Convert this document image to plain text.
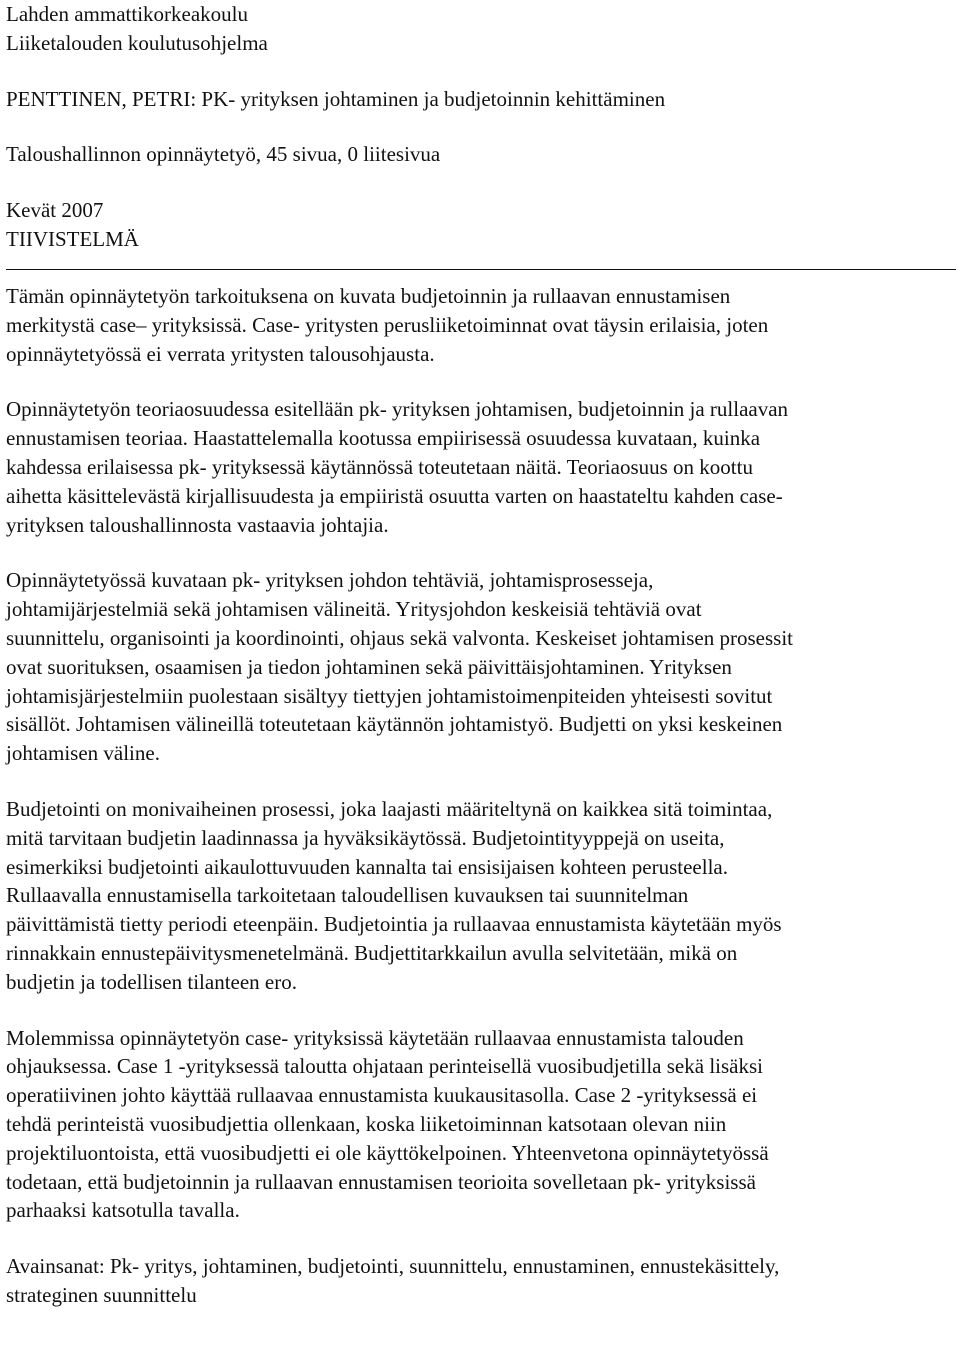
Lahden ammattikorkeakoulu
Liiketalouden koulutusohjelma
PENTTINEN, PETRI: PK- yrityksen johtaminen ja budjetoinnin kehittäminen
Taloushallinnon opinnäytetyö, 45 sivua, 0 liitesivua
Kevät 2007
TIIVISTELMÄ
Tämän opinnäytetyön tarkoituksena on kuvata budjetoinnin ja rullaavan ennustamisen
merkitystä case– yrityksissä. Case- yritysten perusliiketoiminnat ovat täysin erilaisia, joten
opinnäytetyössä ei verrata yritysten talousohjausta.
Opinnäytetyön teoriaosuudessa esitellään pk- yrityksen johtamisen, budjetoinnin ja rullaavan
ennustamisen teoriaa. Haastattelemalla kootussa empiirisessä osuudessa kuvataan, kuinka
kahdessa erilaisessa pk- yrityksessä käytännössä toteutetaan näitä. Teoriaosuus on koottu
aihetta käsittelevästä kirjallisuudesta ja empiiristä osuutta varten on haastateltu kahden case-
yrityksen taloushallinnosta vastaavia johtajia.
Opinnäytetyössä kuvataan pk- yrityksen johdon tehtäviä, johtamisprosesseja,
johtamijärjestelmiä sekä johtamisen välineitä. Yritysjohdon keskeisiä tehtäviä ovat
suunnittelu, organisointi ja koordinointi, ohjaus sekä valvonta. Keskeiset johtamisen prosessit
ovat suorituksen, osaamisen ja tiedon johtaminen sekä päivittäisjohtaminen. Yrityksen
johtamisjärjestelmiin puolestaan sisältyy tiettyjen johtamistoimenpiteiden yhteisesti sovitut
sisällöt. Johtamisen välineillä toteutetaan käytännön johtamistyö. Budjetti on yksi keskeinen
johtamisen väline.
Budjetointi on monivaiheinen prosessi, joka laajasti määriteltynä on kaikkea sitä toimintaa,
mitä tarvitaan budjetin laadinnassa ja hyväksikäytössä. Budjetointityyppejä on useita,
esimerkiksi budjetointi aikaulottuvuuden kannalta tai ensisijaisen kohteen perusteella.
Rullaavalla ennustamisella tarkoitetaan taloudellisen kuvauksen tai suunnitelman
päivittämistä tietty periodi eteenpäin. Budjetointia ja rullaavaa ennustamista käytetään myös
rinnakkain ennustepäivitysmenetelmänä. Budjettitarkkailun avulla selvitetään, mikä on
budjetin ja todellisen tilanteen ero.
Molemmissa opinnäytetyön case- yrityksissä käytetään rullaavaa ennustamista talouden
ohjauksessa. Case 1 -yrityksessä taloutta ohjataan perinteisellä vuosibudjetilla sekä lisäksi
operatiivinen johto käyttää rullaavaa ennustamista kuukausitasolla. Case 2 -yrityksessä ei
tehdä perinteistä vuosibudjettia ollenkaan, koska liiketoiminnan katsotaan olevan niin
projektiluontoista, että vuosibudjetti ei ole käyttökelpoinen. Yhteenvetona opinnäytetyössä
todetaan, että budjetoinnin ja rullaavan ennustamisen teorioita sovelletaan pk- yrityksissä
parhaaksi katsotulla tavalla.
Avainsanat: Pk- yritys, johtaminen, budjetointi, suunnittelu, ennustaminen, ennustekäsittely,
strateginen suunnittelu
